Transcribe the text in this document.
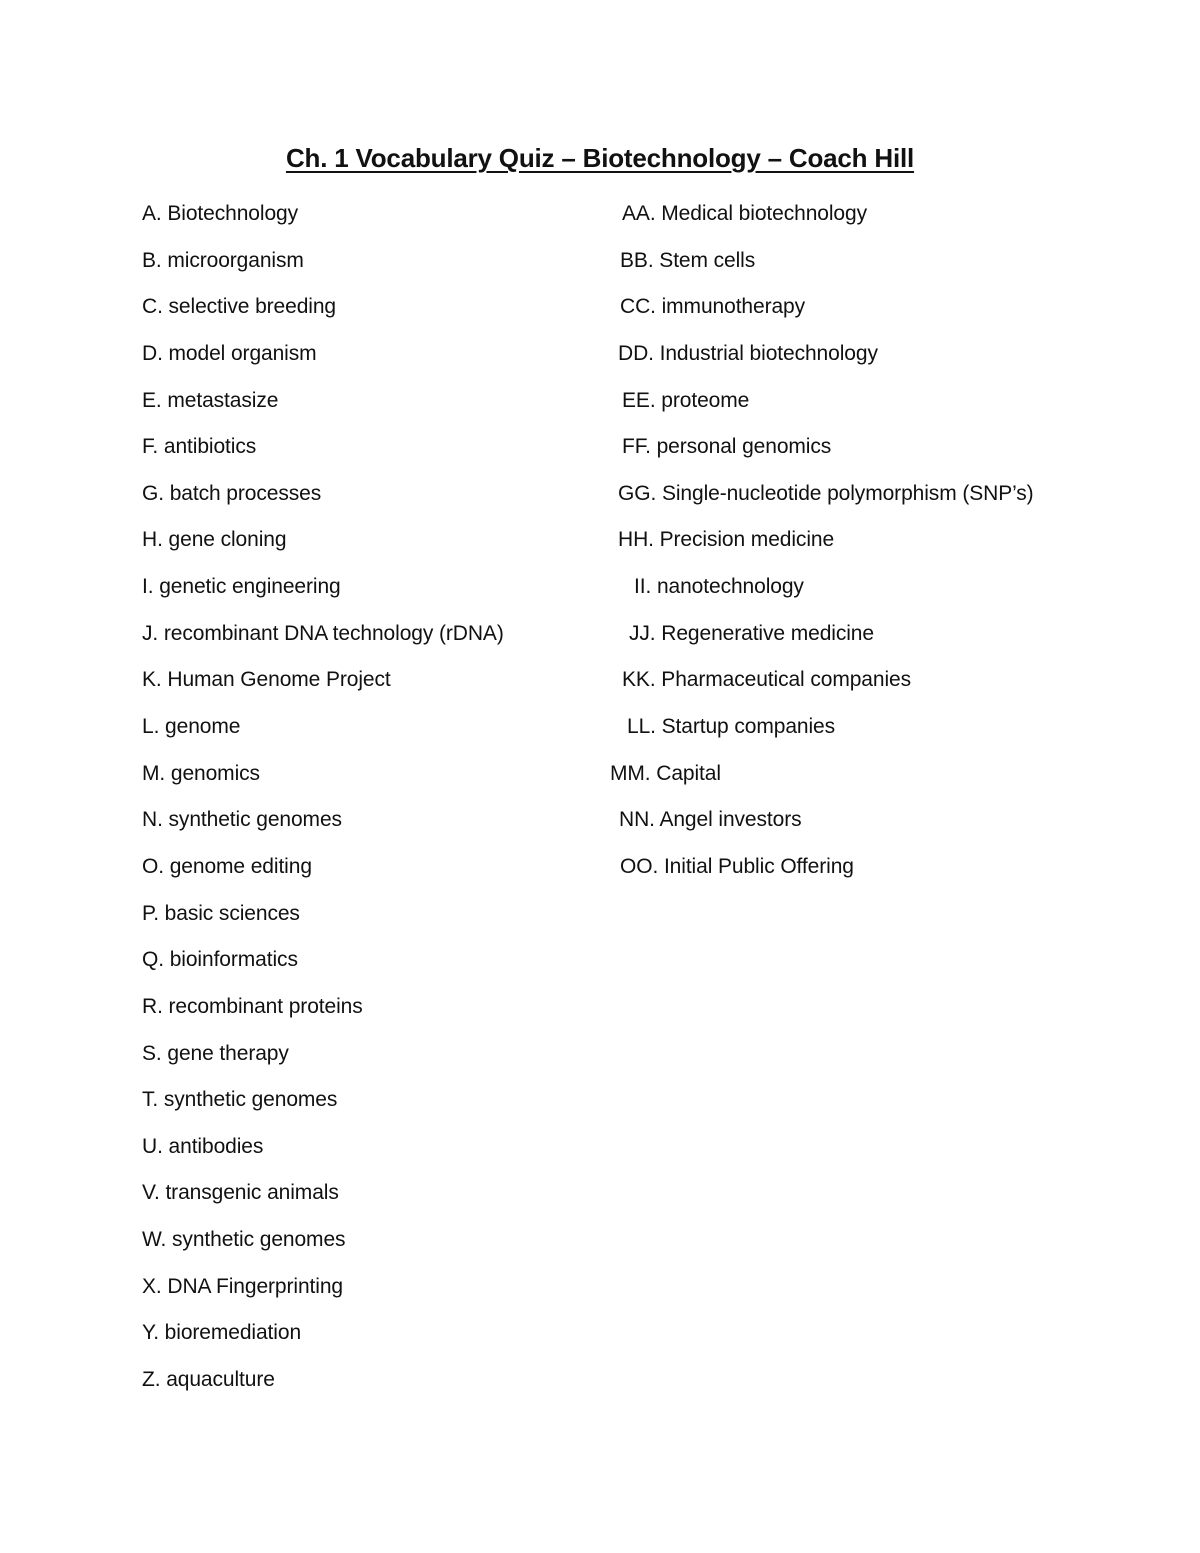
Ch. 1 Vocabulary Quiz – Biotechnology – Coach Hill
A. Biotechnology
B. microorganism
C. selective breeding
D. model organism
E. metastasize
F. antibiotics
G. batch processes
H. gene cloning
I. genetic engineering
J. recombinant DNA technology (rDNA)
K. Human Genome Project
L. genome
M. genomics
N. synthetic genomes
O. genome editing
P. basic sciences
Q. bioinformatics
R. recombinant proteins
S. gene therapy
T. synthetic genomes
U. antibodies
V. transgenic animals
W. synthetic genomes
X. DNA Fingerprinting
Y. bioremediation
Z. aquaculture
AA. Medical biotechnology
BB. Stem cells
CC. immunotherapy
DD. Industrial biotechnology
EE. proteome
FF. personal genomics
GG. Single-nucleotide polymorphism (SNP’s)
HH. Precision medicine
II. nanotechnology
JJ. Regenerative medicine
KK. Pharmaceutical companies
LL. Startup companies
MM. Capital
NN. Angel investors
OO. Initial Public Offering
